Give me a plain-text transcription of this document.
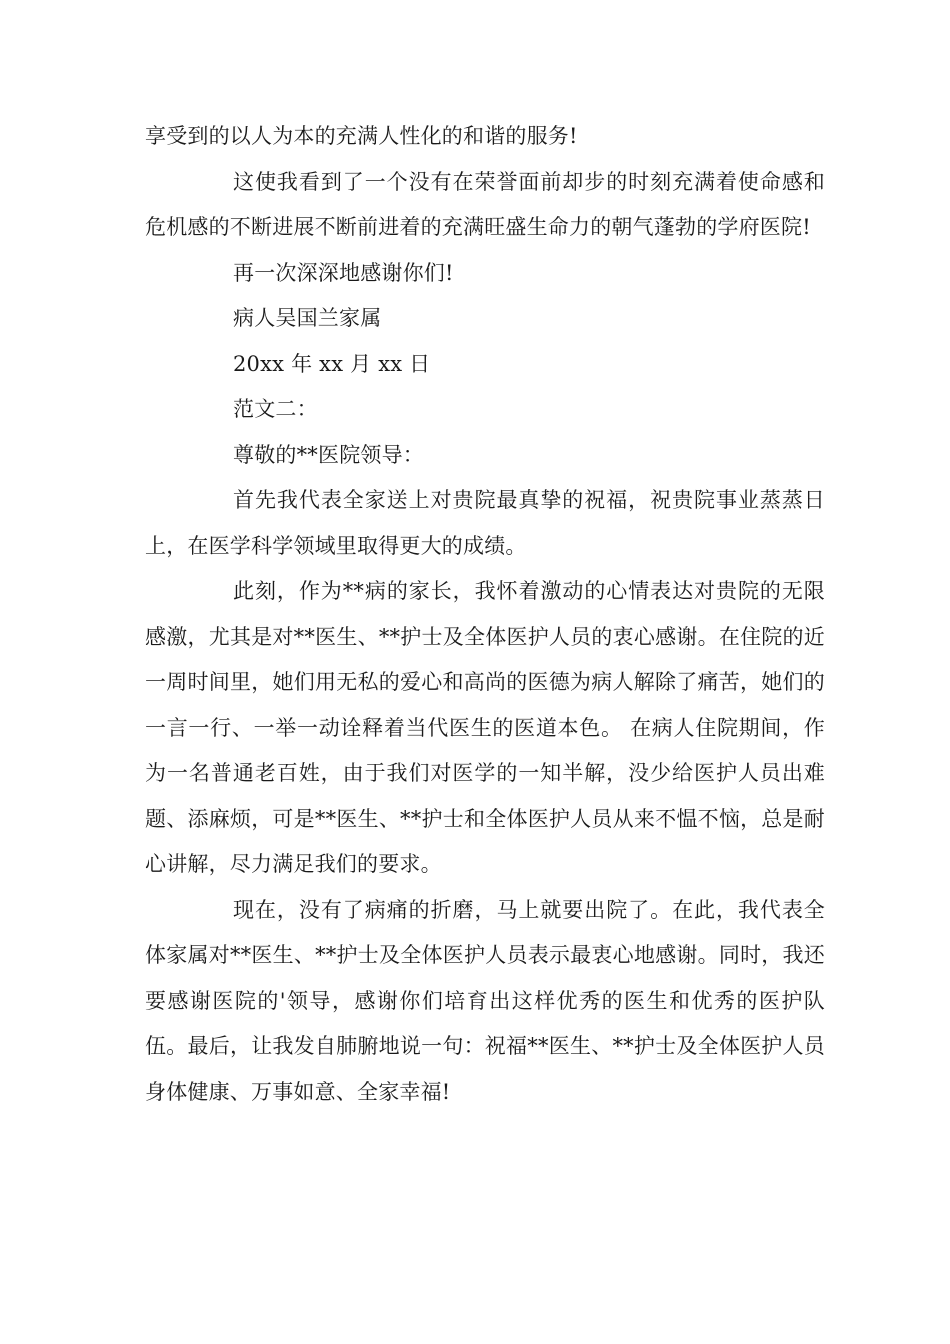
享受到的以人为本的充满人性化的和谐的服务!

这使我看到了一个没有在荣誉面前却步的时刻充满着使命感和危机感的不断进展不断前进着的充满旺盛生命力的朝气蓬勃的学府医院!

再一次深深地感谢你们!

病人吴国兰家属

20xx 年 xx 月 xx 日

范文二：

尊敬的**医院领导：

首先我代表全家送上对贵院最真挚的祝福，祝贵院事业蒸蒸日上，在医学科学领域里取得更大的成绩。

此刻，作为**病的家长，我怀着激动的心情表达对贵院的无限感激，尤其是对**医生、**护士及全体医护人员的衷心感谢。在住院的近一周时间里，她们用无私的爱心和高尚的医德为病人解除了痛苦，她们的一言一行、一举一动诠释着当代医生的医道本色。 在病人住院期间，作为一名普通老百姓，由于我们对医学的一知半解，没少给医护人员出难题、添麻烦，可是**医生、**护士和全体医护人员从来不愠不恼，总是耐心讲解，尽力满足我们的要求。

现在，没有了病痛的折磨，马上就要出院了。在此，我代表全体家属对**医生、**护士及全体医护人员表示最衷心地感谢。同时，我还要感谢医院的'领导，感谢你们培育出这样优秀的医生和优秀的医护队伍。最后，让我发自肺腑地说一句：祝福**医生、**护士及全体医护人员身体健康、万事如意、全家幸福!
